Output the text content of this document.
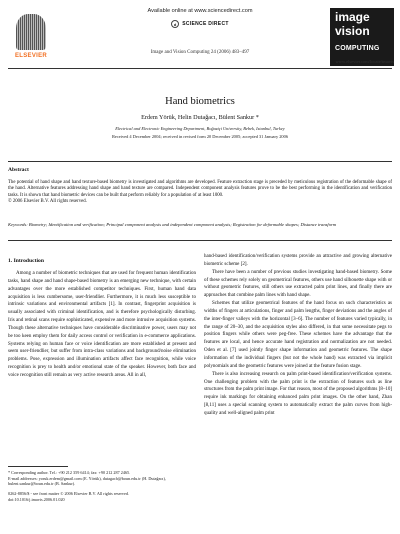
Available online at www.sciencedirect.com
d	SCIENCE DIRECT
ELSEVIER
Image and Vision Computing 24 (2006) 483–497
image
vision
COMPUTING
www.elsevier.com/locate/imavis
Hand biometrics
Erdem Yörük, Helin Dutağacı, Bülent Sankur *
Electrical and Electronic Engineering Department, Boğaziçi University, Bebek, Istanbul, Turkey
Received 4 December 2004; received in revised form 20 December 2005; accepted 31 January 2006
Abstract
The potential of hand shape and hand texture-based biometry is investigated and algorithms are developed. Feature extraction stage is preceded by meticulous registration of the deformable shape of the hand. Alternative features addressing hand shape and hand texture are compared. Independent component analysis features prove to be the best performing in the identification and verification tasks. It is shown that hand biometric devices can be built that perform reliably for a population of at least 1000.
© 2006 Elsevier B.V. All rights reserved.
Keywords: Biometry; Identification and verification; Principal component analysis and independent component analysis; Registration for deformable shapes; Distance transform
1. Introduction

Among a number of biometric techniques that are used for frequent human identification tasks, hand shape and hand shape-based biometry is an emerging new technique, with certain advantages over the more established competitor techniques. First, human hand data acquisition is less cumbersome, user-friendlier. Furthermore, it is much less susceptible to intrinsic variations and environmental artifacts [1]. In contrast, fingerprint acquisition is usually associated with criminal identification, and is therefore psychologically disturbing. Iris and retinal scans require sophisticated, expensive and more intrusive acquisition systems. Though these alternative techniques have considerable discriminative power, users may not be too keen employ them for daily access control or verification in e-commerce applications. Systems relying on human face or voice identification are more established at present and seem user-friendlier, but suffer from intra-class variations and background/noise elimination problems. Pose, expression and illumination artifacts affect face recognition, while voice recognition is prey to health and/or emotional state of the speaker. However, both face and voice recognition still remain as very active research areas. All in all,

hand-based identification/verification systems provide an attractive and growing alternative biometric scheme [2].

There have been a number of previous studies investigating hand-based biometry. Some of these schemes rely solely on geometrical features, others use hand silhouette shape with or without geometric features, still others use extracted palm print lines, and finally there are approaches that combine palm lines with hand shape.

Schemes that utilize geometrical features of the hand focus on such characteristics as widths of fingers at articulations, finger and palm lengths, finger deviations and the angles of the inter-finger valleys with the horizontal [3–6]. The number of features varied typically, in the range of 20–30, and the acquisition styles also differed, in that some necessitate pegs to position fingers while others were peg-free. These schemes have the advantage that the features are local, and hence accurate hand registration and normalization are not needed. Oden et al. [7] used jointly finger shape information and geometric features. The shape information of the individual fingers (but not the whole hand) was extracted via implicit polynomials and the geometric features were joined at the feature fusion stage.

There is also increasing research on palm print-based identification/verification systems. One challenging problem with the palm print is the extraction of features such as line structures from the palm print image. For that reason, most of the proposed algorithms [8–10] require ink markings for obtaining enhanced palm print images. On the other hand, Zhan [8,11] uses a special scanning system to automatically extract the palm curves from high-quality and well-aligned palm print

* Corresponding author. Tel.: +90 212 359 6414; fax: +90 212 287 2465.
E-mail addresses: yoruk.erdem@gmail.com (E. Yörük), dutagach@boun.edu.tr (H. Dutağacı), bulent.sankur@boun.edu.tr (B. Sankur).
0262-8856/$ - see front matter © 2006 Elsevier B.V. All rights reserved.
doi:10.1016/j.imavis.2006.01.020
